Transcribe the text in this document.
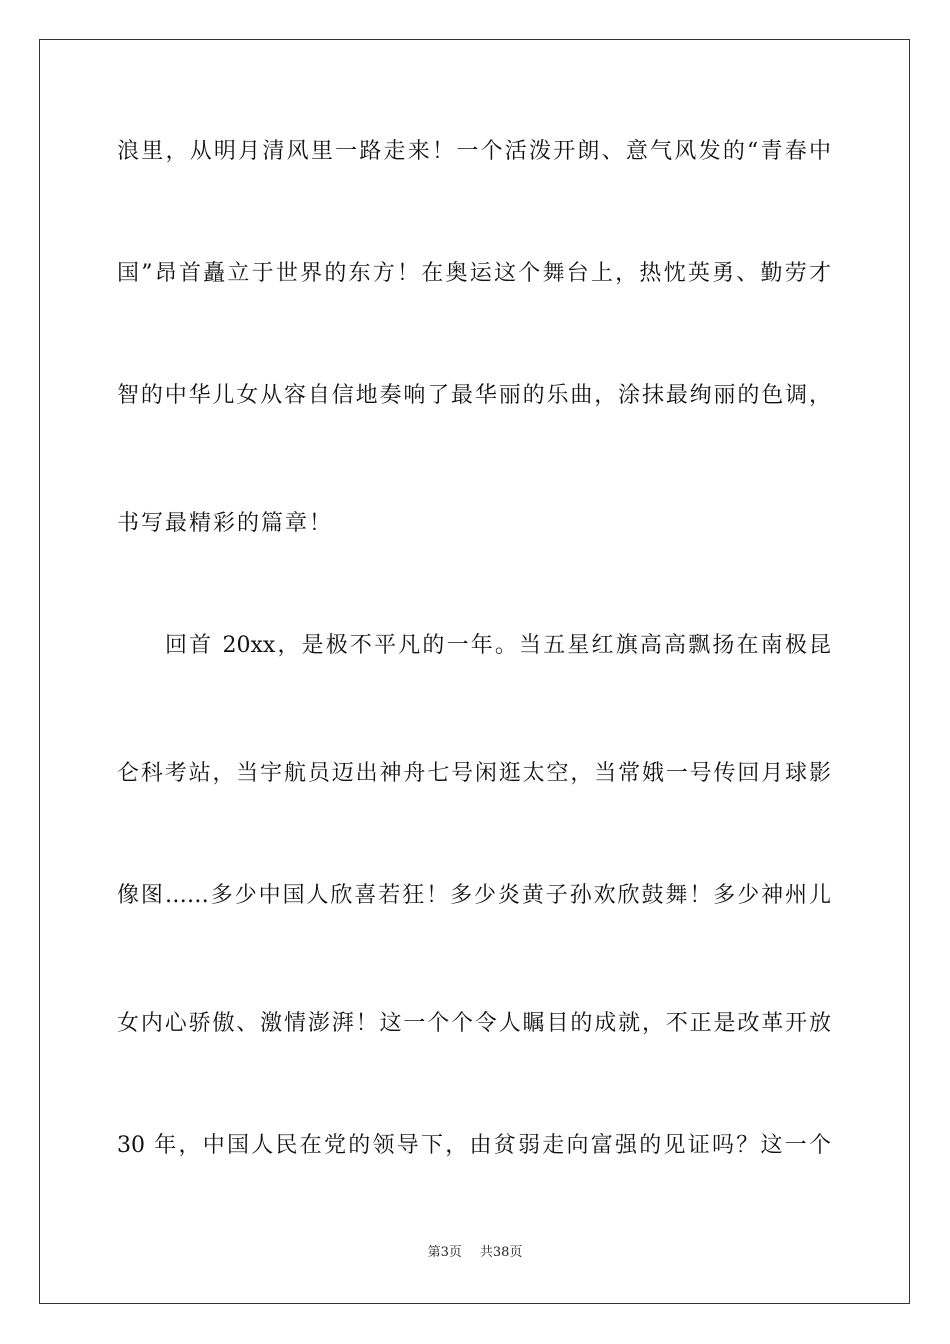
浪里，从明月清风里一路走来！一个活泼开朗、意气风发的“青春中
国”昂首矗立于世界的东方！在奥运这个舞台上，热忱英勇、勤劳才
智的中华儿女从容自信地奏响了最华丽的乐曲，涂抹最绚丽的色调，
书写最精彩的篇章！
回首 20xx，是极不平凡的一年。当五星红旗高高飘扬在南极昆
仑科考站，当宇航员迈出神舟七号闲逛太空，当常娥一号传回月球影
像图……多少中国人欣喜若狂！多少炎黄子孙欢欣鼓舞！多少神州儿
女内心骄傲、激情澎湃！这一个个令人瞩目的成就，不正是改革开放
30 年，中国人民在党的领导下，由贫弱走向富强的见证吗？这一个
第3页 共38页
